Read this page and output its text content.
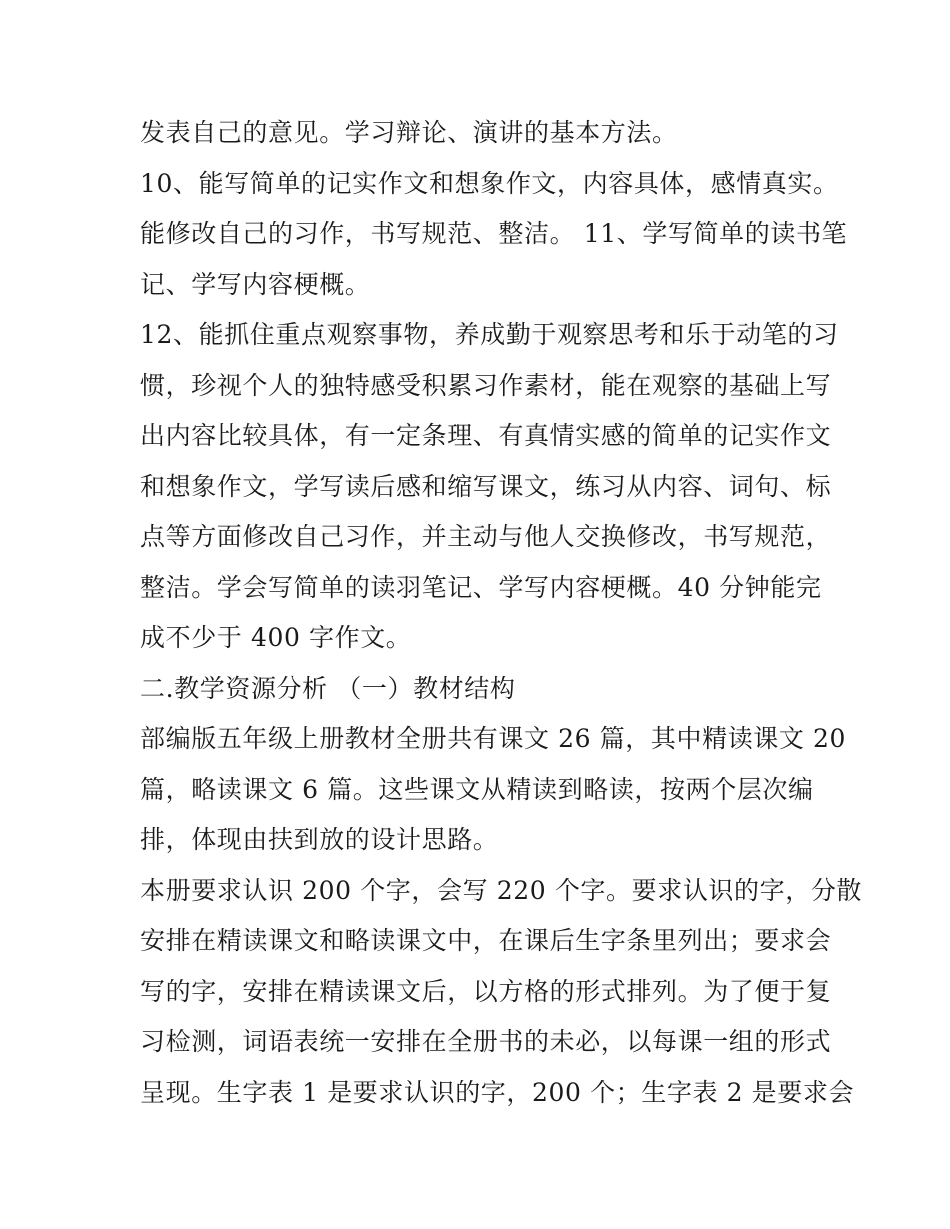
发表自己的意见。学习辩论、演讲的基本方法。
10、能写简单的记实作文和想象作文，内容具体，感情真实。
能修改自己的习作，书写规范、整洁。 11、学写简单的读书笔
记、学写内容梗概。
12、能抓住重点观察事物，养成勤于观察思考和乐于动笔的习
惯，珍视个人的独特感受积累习作素材，能在观察的基础上写
出内容比较具体，有一定条理、有真情实感的简单的记实作文
和想象作文，学写读后感和缩写课文，练习从内容、词句、标
点等方面修改自己习作，并主动与他人交换修改，书写规范，
整洁。学会写简单的读羽笔记、学写内容梗概。40 分钟能完
成不少于 400 字作文。
二.教学资源分析 （一）教材结构
部编版五年级上册教材全册共有课文 26 篇，其中精读课文 20
篇，略读课文 6 篇。这些课文从精读到略读，按两个层次编
排，体现由扶到放的设计思路。
本册要求认识 200 个字，会写 220 个字。要求认识的字，分散
安排在精读课文和略读课文中，在课后生字条里列出；要求会
写的字，安排在精读课文后，以方格的形式排列。为了便于复
习检测，词语表统一安排在全册书的未必，以每课一组的形式
呈现。生字表 1 是要求认识的字，200 个；生字表 2 是要求会
